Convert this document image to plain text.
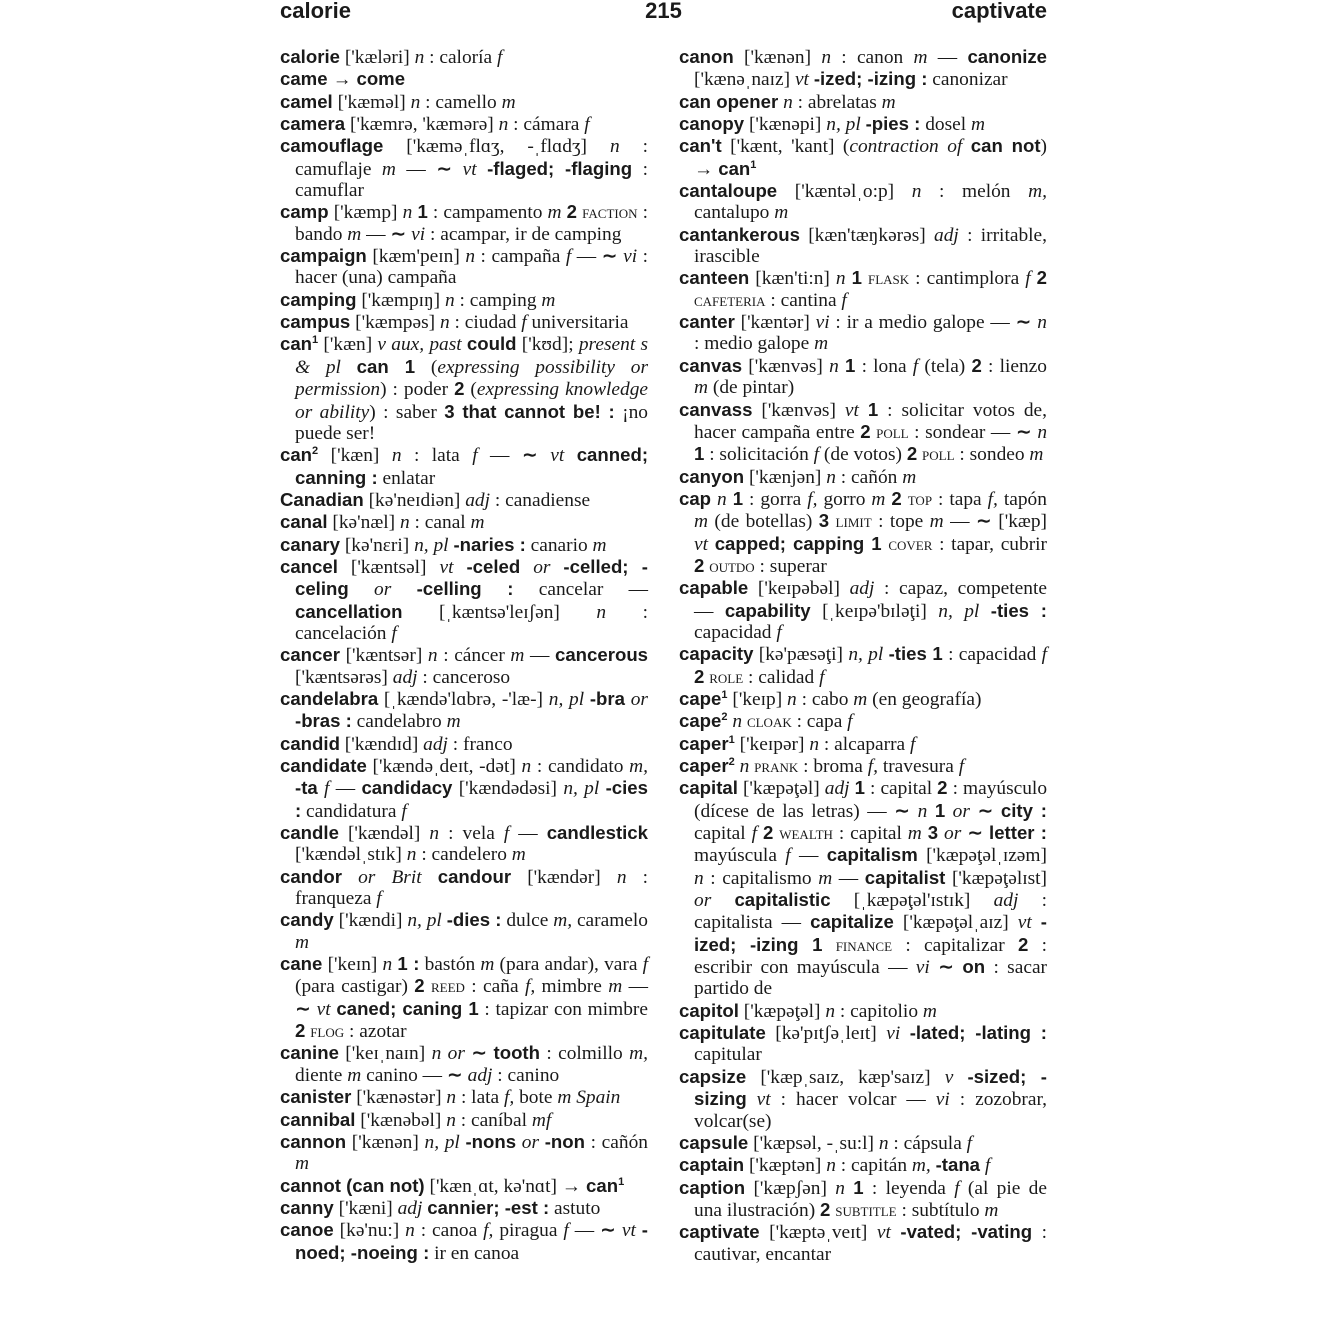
calorie	215	captivate

calorie ['kæləri] n : caloría f

came → come

camel ['kæməl] n : camello m

camera ['kæmrə, 'kæmərə] n : cámara f

camouflage ['kæməˌflɑʒ, -ˌflɑdʒ] n : camuflaje m — ∼ vt -flaged; -flaging : camuflar

camp ['kæmp] n 1 : campamento m 2 faction : bando m — ∼ vi : acampar, ir de camping

campaign [kæm'peɪn] n : campaña f — ∼ vi : hacer (una) campaña

camping ['kæmpɪŋ] n : camping m

campus ['kæmpəs] n : ciudad f universitaria

can$^1$ ['kæn] v aux, past could ['kʊd]; present s & pl can 1 (expressing possibility or permission) : poder 2 (expressing knowledge or ability) : saber 3 that cannot be! : ¡no puede ser!

can$^2$ ['kæn] n : lata f — ∼ vt canned; canning : enlatar

Canadian [kə'neɪdiən] adj : canadiense

canal [kə'næl] n : canal m

canary [kə'nɛri] n, pl -naries : canario m

cancel ['kæntsəl] vt -celed or -celled; -celing or -celling : cancelar — cancellation [ˌkæntsə'leɪʃən] n : cancelación f

cancer ['kæntsər] n : cáncer m — cancerous ['kæntsərəs] adj : canceroso

candelabra [ˌkændə'lɑbrə, -'læ-] n, pl -bra or -bras : candelabro m

candid ['kændɪd] adj : franco

candidate ['kændəˌdeɪt, -dət] n : candidato m, -ta f — candidacy ['kændədəsi] n, pl -cies : candidatura f

candle ['kændəl] n : vela f — candlestick ['kændəlˌstɪk] n : candelero m

candor or Brit candour ['kændər] n : franqueza f

candy ['kændi] n, pl -dies : dulce m, caramelo m

cane ['keɪn] n 1 : bastón m (para andar), vara f (para castigar) 2 reed : caña f, mimbre m — ∼ vt caned; caning 1 : tapizar con mimbre 2 flog : azotar

canine ['keɪˌnaɪn] n or ∼ tooth : colmillo m, diente m canino — ∼ adj : canino

canister ['kænəstər] n : lata f, bote m Spain

cannibal ['kænəbəl] n : caníbal mf

cannon ['kænən] n, pl -nons or -non : cañón m

cannot (can not) ['kænˌɑt, kə'nɑt] → can$^1$

canny ['kæni] adj cannier; -est : astuto

canoe [kə'nu:] n : canoa f, piragua f — ∼ vt -noed; -noeing : ir en canoa

canon ['kænən] n : canon m — canonize ['kænəˌnaɪz] vt -ized; -izing : canonizar

can opener n : abrelatas m

canopy ['kænəpi] n, pl -pies : dosel m

can't ['kænt, 'kant] (contraction of can not) → can$^1$

cantaloupe ['kæntəlˌo:p] n : melón m, cantalupo m

cantankerous [kæn'tæŋkərəs] adj : irritable, irascible

canteen [kæn'ti:n] n 1 flask : cantimplora f 2 cafeteria : cantina f

canter ['kæntər] vi : ir a medio galope — ∼ n : medio galope m

canvas ['kænvəs] n 1 : lona f (tela) 2 : lienzo m (de pintar)

canvass ['kænvəs] vt 1 : solicitar votos de, hacer campaña entre 2 poll : sondear — ∼ n 1 : solicitación f (de votos) 2 poll : sondeo m

canyon ['kænjən] n : cañón m

cap n 1 : gorra f, gorro m 2 top : tapa f, tapón m (de botellas) 3 limit : tope m — ∼ ['kæp] vt capped; capping 1 cover : tapar, cubrir 2 outdo : superar

capable ['keɪpəbəl] adj : capaz, competente — capability [ˌkeɪpə'bɪləţi] n, pl -ties : capacidad f

capacity [kə'pæsəţi] n, pl -ties 1 : capacidad f 2 role : calidad f

cape$^1$ ['keɪp] n : cabo m (en geografía)

cape$^2$ n cloak : capa f

caper$^1$ ['keɪpər] n : alcaparra f

caper$^2$ n prank : broma f, travesura f

capital ['kæpəţəl] adj 1 : capital 2 : mayúsculo (dícese de las letras) — ∼ n 1 or ∼ city : capital f 2 wealth : capital m 3 or ∼ letter : mayúscula f — capitalism ['kæpəţəlˌɪzəm] n : capitalismo m — capitalist ['kæpəţəlɪst] or capitalistic [ˌkæpəţəl'ɪstɪk] adj : capitalista — capitalize ['kæpəţəlˌaɪz] vt -ized; -izing 1 finance : capitalizar 2 : escribir con mayúscula — vi ∼ on : sacar partido de

capitol ['kæpəţəl] n : capitolio m

capitulate [kə'pɪtʃəˌleɪt] vi -lated; -lating : capitular

capsize ['kæpˌsaɪz, kæp'saɪz] v -sized; -sizing vt : hacer volcar — vi : zozobrar, volcar(se)

capsule ['kæpsəl, -ˌsu:l] n : cápsula f

captain ['kæptən] n : capitán m, -tana f

caption ['kæpʃən] n 1 : leyenda f (al pie de una ilustración) 2 subtitle : subtítulo m

captivate ['kæptəˌveɪt] vt -vated; -vating : cautivar, encantar
